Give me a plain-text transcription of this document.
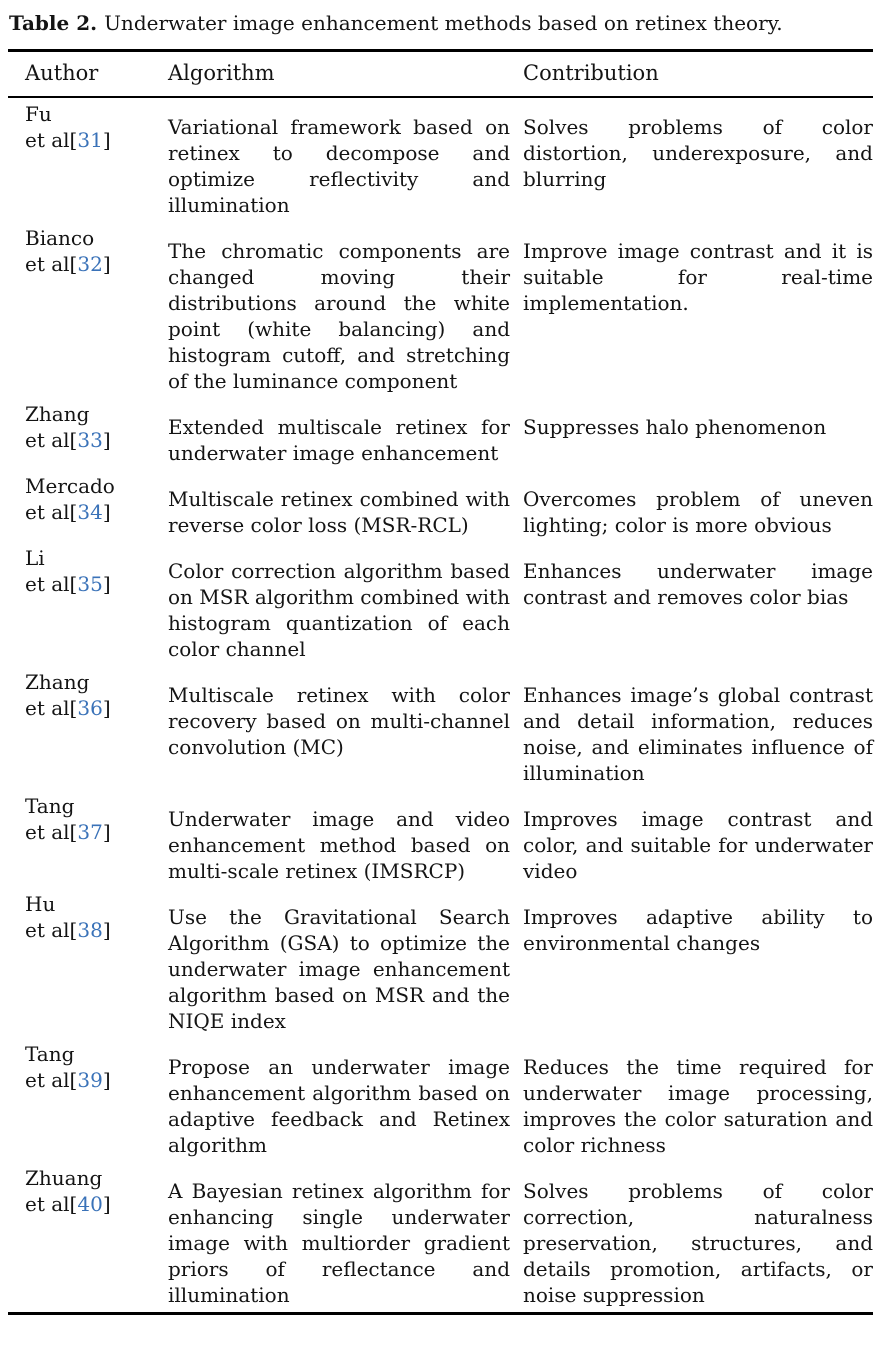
Table 2. Underwater image enhancement methods based on retinex theory.
Author	Algorithm	Contribution
Fu
et al[31]
Variational framework based on retinex to decompose and optimize reflectivity and illumination
Solves problems of color distortion, underexposure, and blurring
Bianco
et al[32]
The chromatic components are changed moving their distributions around the white point (white balancing) and histogram cutoff, and stretching of the luminance component
Improve image contrast and it is suitable for real-time implementation.
Zhang
et al[33]
Extended multiscale retinex for underwater image enhancement
Suppresses halo phenomenon
Mercado
et al[34]
Multiscale retinex combined with reverse color loss (MSR-RCL)
Overcomes problem of uneven lighting; color is more obvious
Li
et al[35]
Color correction algorithm based on MSR algorithm combined with histogram quantization of each color channel
Enhances underwater image contrast and removes color bias
Zhang
et al[36]
Multiscale retinex with color recovery based on multi-channel convolution (MC)
Enhances image’s global contrast and detail information, reduces noise, and eliminates influence of illumination
Tang
et al[37]
Underwater image and video enhancement method based on multi-scale retinex (IMSRCP)
Improves image contrast and color, and suitable for underwater video
Hu
et al[38]
Use the Gravitational Search Algorithm (GSA) to optimize the underwater image enhancement algorithm based on MSR and the NIQE index
Improves adaptive ability to environmental changes
Tang
et al[39]
Propose an underwater image enhancement algorithm based on adaptive feedback and Retinex algorithm
Reduces the time required for underwater image processing, improves the color saturation and color richness
Zhuang
et al[40]
A Bayesian retinex algorithm for enhancing single underwater image with multiorder gradient priors of reflectance and illumination
Solves problems of color correction, naturalness preservation, structures, and details promotion, artifacts, or noise suppression
